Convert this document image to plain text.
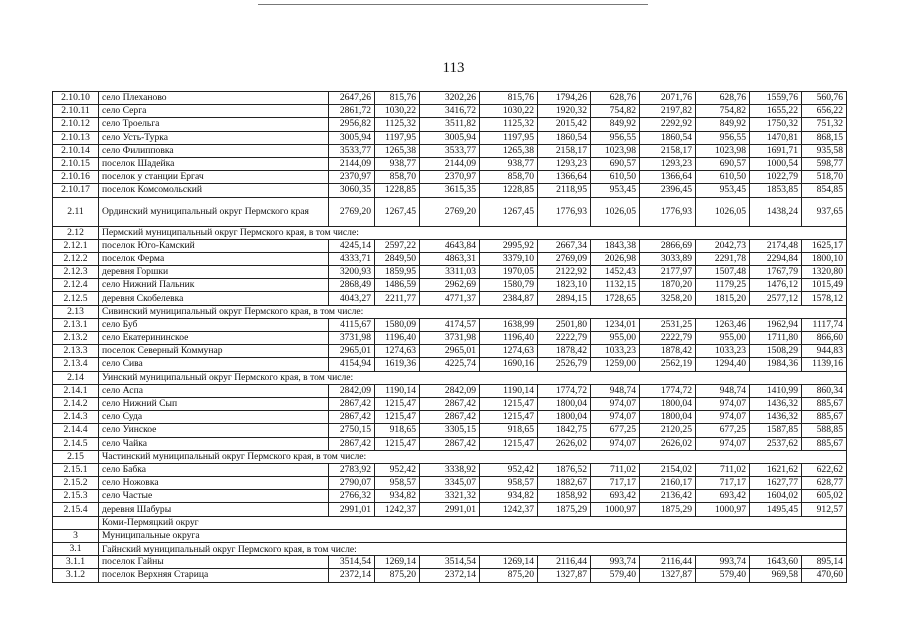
113
2.10.10	село Плеханово	2647,26	815,76	3202,26	815,76	1794,26	628,76	2071,76	628,76	1559,76	560,76
2.10.11	село Серга	2861,72	1030,22	3416,72	1030,22	1920,32	754,82	2197,82	754,82	1655,22	656,22
2.10.12	село Троельга	2956,82	1125,32	3511,82	1125,32	2015,42	849,92	2292,92	849,92	1750,32	751,32
2.10.13	село Усть-Турка	3005,94	1197,95	3005,94	1197,95	1860,54	956,55	1860,54	956,55	1470,81	868,15
2.10.14	село Филипповка	3533,77	1265,38	3533,77	1265,38	2158,17	1023,98	2158,17	1023,98	1691,71	935,58
2.10.15	поселок Шадейка	2144,09	938,77	2144,09	938,77	1293,23	690,57	1293,23	690,57	1000,54	598,77
2.10.16	поселок у станции Ергач	2370,97	858,70	2370,97	858,70	1366,64	610,50	1366,64	610,50	1022,79	518,70
2.10.17	поселок Комсомольский	3060,35	1228,85	3615,35	1228,85	2118,95	953,45	2396,45	953,45	1853,85	854,85
2.11	Ординский муниципальный округ Пермского края	2769,20	1267,45	2769,20	1267,45	1776,93	1026,05	1776,93	1026,05	1438,24	937,65
2.12	Пермский муниципальный округ Пермского края, в том числе:										
2.12.1	поселок Юго-Камский	4245,14	2597,22	4643,84	2995,92	2667,34	1843,38	2866,69	2042,73	2174,48	1625,17
2.12.2	поселок Ферма	4333,71	2849,50	4863,31	3379,10	2769,09	2026,98	3033,89	2291,78	2294,84	1800,10
2.12.3	деревня Горшки	3200,93	1859,95	3311,03	1970,05	2122,92	1452,43	2177,97	1507,48	1767,79	1320,80
2.12.4	село Нижний Пальник	2868,49	1486,59	2962,69	1580,79	1823,10	1132,15	1870,20	1179,25	1476,12	1015,49
2.12.5	деревня Скобелевка	4043,27	2211,77	4771,37	2384,87	2894,15	1728,65	3258,20	1815,20	2577,12	1578,12
2.13	Сивинский муниципальный округ Пермского края, в том числе:										
2.13.1	село Буб	4115,67	1580,09	4174,57	1638,99	2501,80	1234,01	2531,25	1263,46	1962,94	1117,74
2.13.2	село Екатерининское	3731,98	1196,40	3731,98	1196,40	2222,79	955,00	2222,79	955,00	1711,80	866,60
2.13.3	поселок Северный Коммунар	2965,01	1274,63	2965,01	1274,63	1878,42	1033,23	1878,42	1033,23	1508,29	944,83
2.13.4	село Сива	4154,94	1619,36	4225,74	1690,16	2526,79	1259,00	2562,19	1294,40	1984,36	1139,16
2.14	Уинский муниципальный округ Пермского края, в том числе:										
2.14.1	село Аспа	2842,09	1190,14	2842,09	1190,14	1774,72	948,74	1774,72	948,74	1410,99	860,34
2.14.2	село Нижний Сып	2867,42	1215,47	2867,42	1215,47	1800,04	974,07	1800,04	974,07	1436,32	885,67
2.14.3	село Суда	2867,42	1215,47	2867,42	1215,47	1800,04	974,07	1800,04	974,07	1436,32	885,67
2.14.4	село Уинское	2750,15	918,65	3305,15	918,65	1842,75	677,25	2120,25	677,25	1587,85	588,85
2.14.5	село Чайка	2867,42	1215,47	2867,42	1215,47	2626,02	974,07	2626,02	974,07	2537,62	885,67
2.15	Частинский муниципальный округ Пермского края, в том числе:										
2.15.1	село Бабка	2783,92	952,42	3338,92	952,42	1876,52	711,02	2154,02	711,02	1621,62	622,62
2.15.2	село Ножовка	2790,07	958,57	3345,07	958,57	1882,67	717,17	2160,17	717,17	1627,77	628,77
2.15.3	село Частые	2766,32	934,82	3321,32	934,82	1858,92	693,42	2136,42	693,42	1604,02	605,02
2.15.4	деревня Шабуры	2991,01	1242,37	2991,01	1242,37	1875,29	1000,97	1875,29	1000,97	1495,45	912,57
	Коми-Пермяцкий округ										
3	Муниципальные округа										
3.1	Гайнский муниципальный округ Пермского края, в том числе:										
3.1.1	поселок Гайны	3514,54	1269,14	3514,54	1269,14	2116,44	993,74	2116,44	993,74	1643,60	895,14
3.1.2	поселок Верхняя Старица	2372,14	875,20	2372,14	875,20	1327,87	579,40	1327,87	579,40	969,58	470,60
